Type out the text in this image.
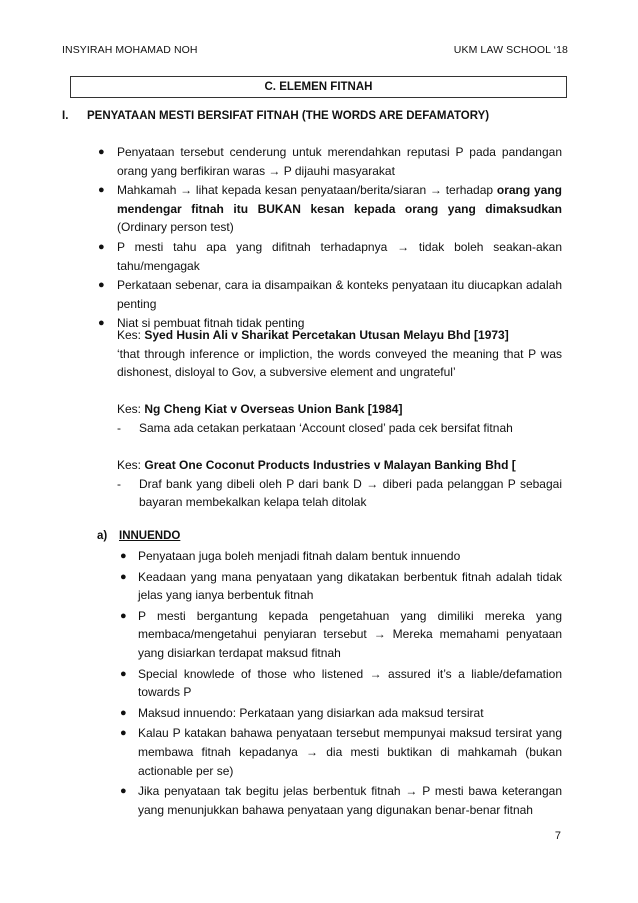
INSYIRAH MOHAMAD NOH	UKM LAW SCHOOL ‘18
C. ELEMEN FITNAH
I. PENYATAAN MESTI BERSIFAT FITNAH (THE WORDS ARE DEFAMATORY)
● Penyataan tersebut cenderung untuk merendahkan reputasi P pada pandangan orang yang berfikiran waras → P dijauhi masyarakat
● Mahkamah → lihat kepada kesan penyataan/berita/siaran → terhadap orang yang mendengar fitnah itu BUKAN kesan kepada orang yang dimaksudkan (Ordinary person test)
● P mesti tahu apa yang difitnah terhadapnya → tidak boleh seakan-akan tahu/mengagak
● Perkataan sebenar, cara ia disampaikan & konteks penyataan itu diucapkan adalah penting
● Niat si pembuat fitnah tidak penting
Kes: Syed Husin Ali v Sharikat Percetakan Utusan Melayu Bhd [1973]
‘that through inference or impliction, the words conveyed the meaning that P was dishonest, disloyal to Gov, a subversive element and ungrateful’
Kes: Ng Cheng Kiat v Overseas Union Bank [1984]
- Sama ada cetakan perkataan ‘Account closed’ pada cek bersifat fitnah
Kes: Great One Coconut Products Industries v Malayan Banking Bhd [
- Draf bank yang dibeli oleh P dari bank D → diberi pada pelanggan P sebagai bayaran membekalkan kelapa telah ditolak
a) INNUENDO
● Penyataan juga boleh menjadi fitnah dalam bentuk innuendo
● Keadaan yang mana penyataan yang dikatakan berbentuk fitnah adalah tidak jelas yang ianya berbentuk fitnah
● P mesti bergantung kepada pengetahuan yang dimiliki mereka yang membaca/mengetahui penyiaran tersebut → Mereka memahami penyataan yang disiarkan terdapat maksud fitnah
● Special knowlede of those who listened → assured it’s a liable/defamation towards P
● Maksud innuendo: Perkataan yang disiarkan ada maksud tersirat
● Kalau P katakan bahawa penyataan tersebut mempunyai maksud tersirat yang membawa fitnah kepadanya → dia mesti buktikan di mahkamah (bukan actionable per se)
● Jika penyataan tak begitu jelas berbentuk fitnah → P mesti bawa keterangan yang menunjukkan bahawa penyataan yang digunakan benar-benar fitnah
7
